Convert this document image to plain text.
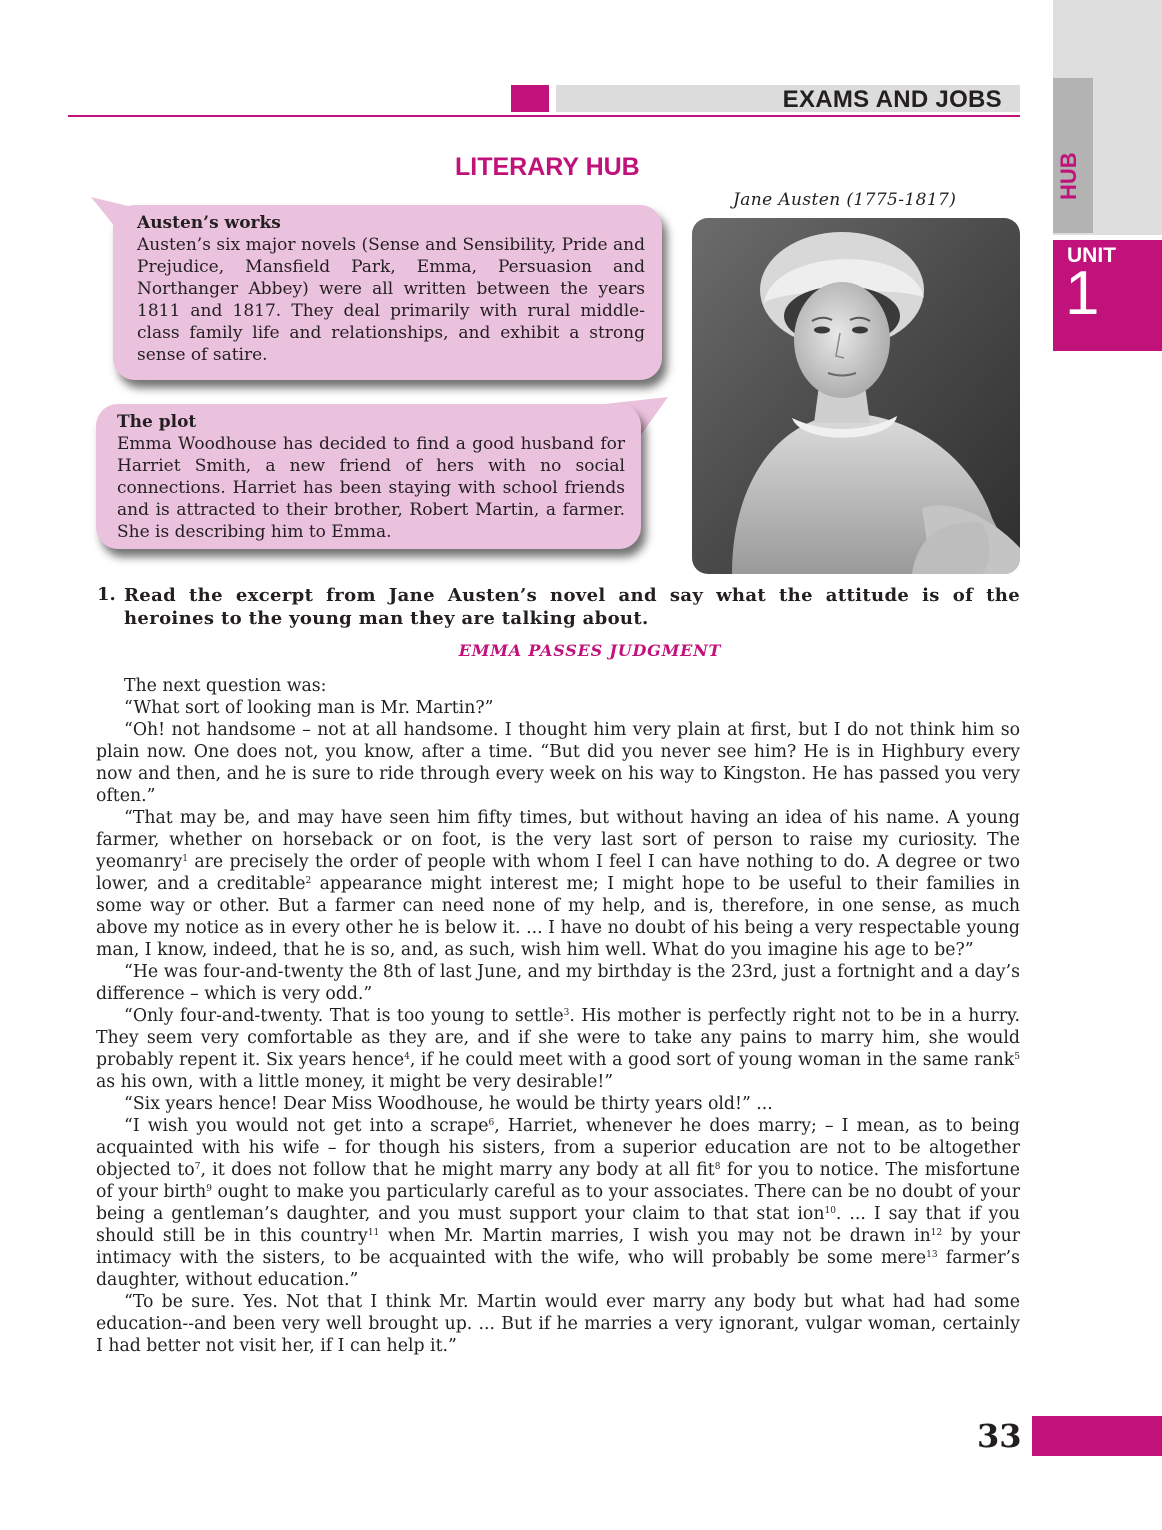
HUB
UNIT
1
EXAMS AND JOBS
LITERARY HUB
Jane Austen (1775-1817)
Austen’s works
Austen’s six major novels (Sense and Sensibility, Pride and Prejudice, Mansfield Park, Emma, Persuasion and Northanger Abbey) were all written between the years 1811 and 1817. They deal primarily with rural middle-class family life and relationships, and exhibit a strong sense of satire.
The plot
Emma Woodhouse has decided to find a good husband for Harriet Smith, a new friend of hers with no social connections. Harriet has been staying with school friends and is attracted to their brother, Robert Martin, a farmer. She is describing him to Emma.
1. Read the excerpt from Jane Austen’s novel and say what the attitude is of the heroines to the young man they are talking about.
EMMA PASSES JUDGMENT

The next question was:

“What sort of looking man is Mr. Martin?”

“Oh! not handsome – not at all handsome. I thought him very plain at first, but I do not think him so plain now. One does not, you know, after a time. “But did you never see him? He is in Highbury every now and then, and he is sure to ride through every week on his way to Kingston. He has passed you very often.”

“That may be, and may have seen him fifty times, but without having an idea of his name. A young farmer, whether on horseback or on foot, is the very last sort of person to raise my curiosity. The yeomanry$^1$ are precisely the order of people with whom I feel I can have nothing to do. A degree or two lower, and a creditable$^2$ appearance might interest me; I might hope to be useful to their families in some way or other. But a farmer can need none of my help, and is, therefore, in one sense, as much above my notice as in every other he is below it. ... I have no doubt of his being a very respectable young man, I know, indeed, that he is so, and, as such, wish him well. What do you imagine his age to be?”

“He was four-and-twenty the 8th of last June, and my birthday is the 23rd, just a fortnight and a day’s difference – which is very odd.”

“Only four-and-twenty. That is too young to settle$^3$. His mother is perfectly right not to be in a hurry. They seem very comfortable as they are, and if she were to take any pains to marry him, she would probably repent it. Six years hence$^4$, if he could meet with a good sort of young woman in the same rank$^5$ as his own, with a little money, it might be very desirable!”

“Six years hence! Dear Miss Woodhouse, he would be thirty years old!” ...

“I wish you would not get into a scrape$^6$, Harriet, whenever he does marry; – I mean, as to being acquainted with his wife – for though his sisters, from a superior education are not to be altogether objected $to^7$, it does not follow that he might marry any body at all fit$^8$ for you to notice. The misfortune of your birth$^9$ ought to make you particularly careful as to your associates. There can be no doubt of your being a gentleman’s daughter, and you must support your claim to that stat ion$^{10}$. ... I say that if you should still be in this country$^{11}$ when Mr. Martin marries, I wish you may not be drawn $in^{12}$ by your intimacy with the sisters, to be acquainted with the wife, who will probably be some mere$^{13}$ farmer’s daughter, without education.”

“To be sure. Yes. Not that I think Mr. Martin would ever marry any body but what had had some education--and been very well brought up. ... But if he marries a very ignorant, vulgar woman, certainly I had better not visit her, if I can help it.”

33
